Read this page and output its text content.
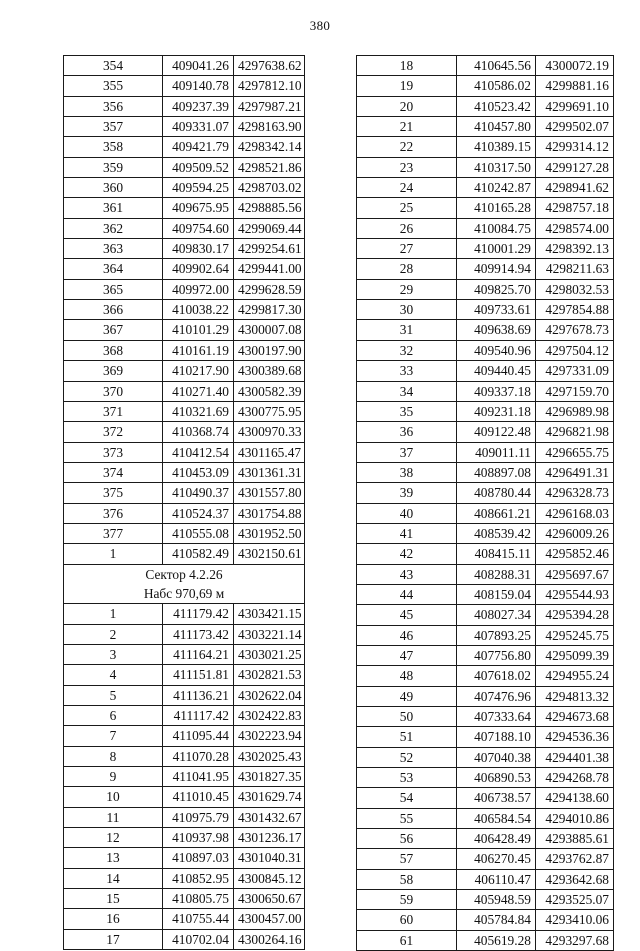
380
354	409041.26	4297638.62
355	409140.78	4297812.10
356	409237.39	4297987.21
357	409331.07	4298163.90
358	409421.79	4298342.14
359	409509.52	4298521.86
360	409594.25	4298703.02
361	409675.95	4298885.56
362	409754.60	4299069.44
363	409830.17	4299254.61
364	409902.64	4299441.00
365	409972.00	4299628.59
366	410038.22	4299817.30
367	410101.29	4300007.08
368	410161.19	4300197.90
369	410217.90	4300389.68
370	410271.40	4300582.39
371	410321.69	4300775.95
372	410368.74	4300970.33
373	410412.54	4301165.47
374	410453.09	4301361.31
375	410490.37	4301557.80
376	410524.37	4301754.88
377	410555.08	4301952.50
1	410582.49	4302150.61

Сектор 4.2.26
Набс 970,69 м		

1	411179.42	4303421.15
2	411173.42	4303221.14
3	411164.21	4303021.25
4	411151.81	4302821.53
5	411136.21	4302622.04
6	411117.42	4302422.83
7	411095.44	4302223.94
8	411070.28	4302025.43
9	411041.95	4301827.35
10	411010.45	4301629.74
11	410975.79	4301432.67
12	410937.98	4301236.17
13	410897.03	4301040.31
14	410852.95	4300845.12
15	410805.75	4300650.67
16	410755.44	4300457.00
17	410702.04	4300264.16
18	410645.56	4300072.19
19	410586.02	4299881.16
20	410523.42	4299691.10
21	410457.80	4299502.07
22	410389.15	4299314.12
23	410317.50	4299127.28
24	410242.87	4298941.62
25	410165.28	4298757.18
26	410084.75	4298574.00
27	410001.29	4298392.13
28	409914.94	4298211.63
29	409825.70	4298032.53
30	409733.61	4297854.88
31	409638.69	4297678.73
32	409540.96	4297504.12
33	409440.45	4297331.09
34	409337.18	4297159.70
35	409231.18	4296989.98
36	409122.48	4296821.98
37	409011.11	4296655.75
38	408897.08	4296491.31
39	408780.44	4296328.73
40	408661.21	4296168.03
41	408539.42	4296009.26
42	408415.11	4295852.46
43	408288.31	4295697.67
44	408159.04	4295544.93
45	408027.34	4295394.28
46	407893.25	4295245.75
47	407756.80	4295099.39
48	407618.02	4294955.24
49	407476.96	4294813.32
50	407333.64	4294673.68
51	407188.10	4294536.36
52	407040.38	4294401.38
53	406890.53	4294268.78
54	406738.57	4294138.60
55	406584.54	4294010.86
56	406428.49	4293885.61
57	406270.45	4293762.87
58	406110.47	4293642.68
59	405948.59	4293525.07
60	405784.84	4293410.06
61	405619.28	4293297.68
